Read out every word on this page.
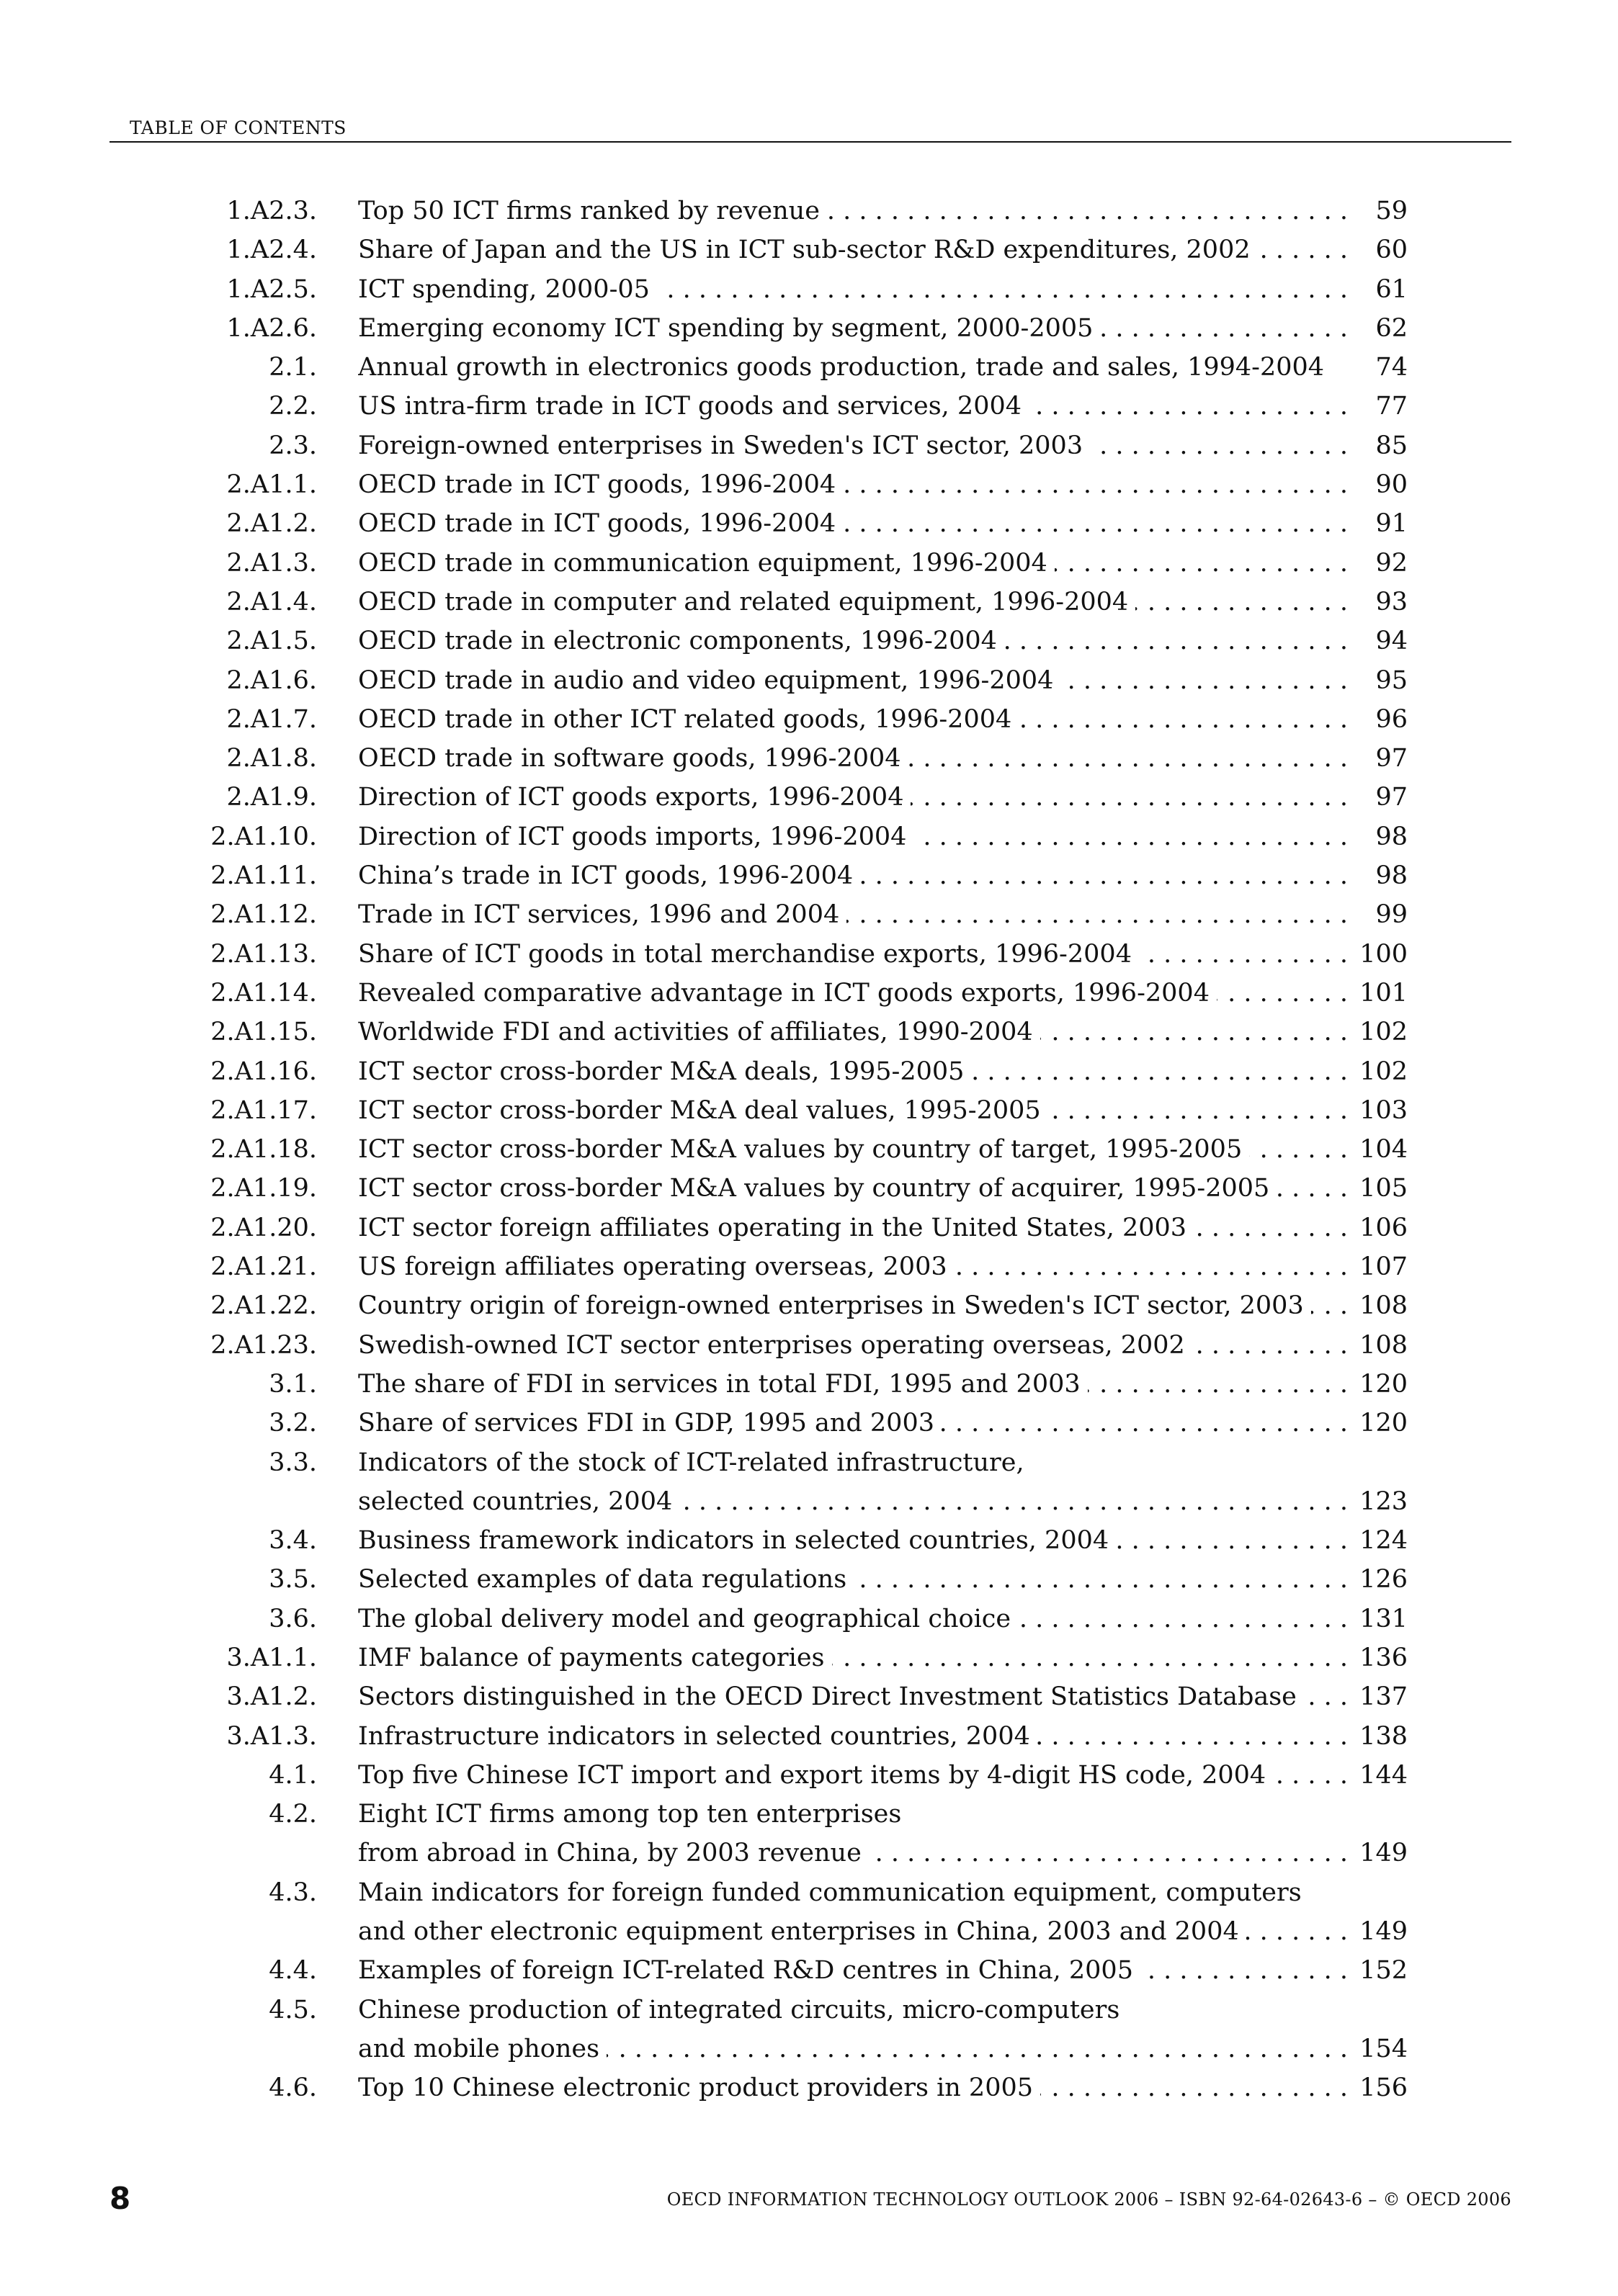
TABLE OF CONTENTS
1.A2.3. Top 50 ICT firms ranked by revenue . . .	59
1.A2.4. Share of Japan and the US in ICT sub-sector R&D expenditures, 2002 . . .	60
1.A2.5. ICT spending, 2000-05 . . .	61
1.A2.6. Emerging economy ICT spending by segment, 2000-2005 . . .	62
2.1. Annual growth in electronics goods production, trade and sales, 1994-2004	74
2.2. US intra-firm trade in ICT goods and services, 2004 . . .	77
2.3. Foreign-owned enterprises in Sweden's ICT sector, 2003 . . .	85
2.A1.1. OECD trade in ICT goods, 1996-2004 . . .	90
2.A1.2. OECD trade in ICT goods, 1996-2004 . . .	91
2.A1.3. OECD trade in communication equipment, 1996-2004 . . .	92
2.A1.4. OECD trade in computer and related equipment, 1996-2004 . . .	93
2.A1.5. OECD trade in electronic components, 1996-2004 . . .	94
2.A1.6. OECD trade in audio and video equipment, 1996-2004 . . .	95
2.A1.7. OECD trade in other ICT related goods, 1996-2004 . . .	96
2.A1.8. OECD trade in software goods, 1996-2004 . . .	97
2.A1.9. Direction of ICT goods exports, 1996-2004 . . .	97
2.A1.10. Direction of ICT goods imports, 1996-2004 . . .	98
2.A1.11. China’s trade in ICT goods, 1996-2004 . . .	98
2.A1.12. Trade in ICT services, 1996 and 2004 . . .	99
2.A1.13. Share of ICT goods in total merchandise exports, 1996-2004 . . .	100
2.A1.14. Revealed comparative advantage in ICT goods exports, 1996-2004 . . .	101
2.A1.15. Worldwide FDI and activities of affiliates, 1990-2004 . . .	102
2.A1.16. ICT sector cross-border M&A deals, 1995-2005 . . .	102
2.A1.17. ICT sector cross-border M&A deal values, 1995-2005 . . .	103
2.A1.18. ICT sector cross-border M&A values by country of target, 1995-2005 . . .	104
2.A1.19. ICT sector cross-border M&A values by country of acquirer, 1995-2005 . . .	105
2.A1.20. ICT sector foreign affiliates operating in the United States, 2003 . . .	106
2.A1.21. US foreign affiliates operating overseas, 2003 . . .	107
2.A1.22. Country origin of foreign-owned enterprises in Sweden's ICT sector, 2003 . . .	108
2.A1.23. Swedish-owned ICT sector enterprises operating overseas, 2002 . . .	108
3.1. The share of FDI in services in total FDI, 1995 and 2003 . . .	120
3.2. Share of services FDI in GDP, 1995 and 2003 . . .	120
3.3. Indicators of the stock of ICT-related infrastructure,
selected countries, 2004 . . .	123
3.4. Business framework indicators in selected countries, 2004 . . .	124
3.5. Selected examples of data regulations . . .	126
3.6. The global delivery model and geographical choice . . .	131
3.A1.1. IMF balance of payments categories . . .	136
3.A1.2. Sectors distinguished in the OECD Direct Investment Statistics Database . . .	137
3.A1.3. Infrastructure indicators in selected countries, 2004 . . .	138
4.1. Top five Chinese ICT import and export items by 4-digit HS code, 2004 . . .	144
4.2. Eight ICT firms among top ten enterprises
from abroad in China, by 2003 revenue . . .	149
4.3. Main indicators for foreign funded communication equipment, computers
and other electronic equipment enterprises in China, 2003 and 2004 . . .	149
4.4. Examples of foreign ICT-related R&D centres in China, 2005 . . .	152
4.5. Chinese production of integrated circuits, micro-computers
and mobile phones . . .	154
4.6. Top 10 Chinese electronic product providers in 2005 . . .	156
8	OECD INFORMATION TECHNOLOGY OUTLOOK 2006 – ISBN 92-64-02643-6 – © OECD 2006
